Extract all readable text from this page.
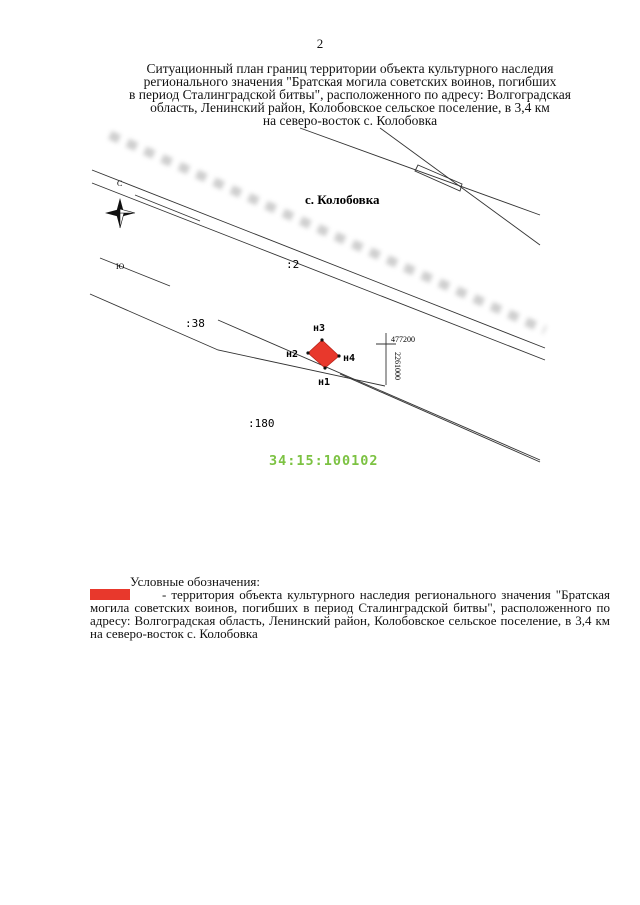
2
Ситуационный план границ территории объекта культурного наследия
регионального значения "Братская могила советских воинов, погибших
в период Сталинградской битвы", расположенного по адресу: Волгоградская
область, Ленинский район, Колобовское сельское поселение, в 3,4 км
на северо-восток с. Колобовка
С
Ю
с. Колобовка
:2
:38
:180
н3
н2	н4
н1
477200
2261000
34:15:100102
Условные обозначения:
- территория объекта культурного наследия регионального значения "Братская могила советских воинов, погибших в период Сталинградской битвы", расположенного по адресу: Волгоградская область, Ленинский район, Колобовское сельское поселение, в 3,4 км на северо-восток с. Колобовка
